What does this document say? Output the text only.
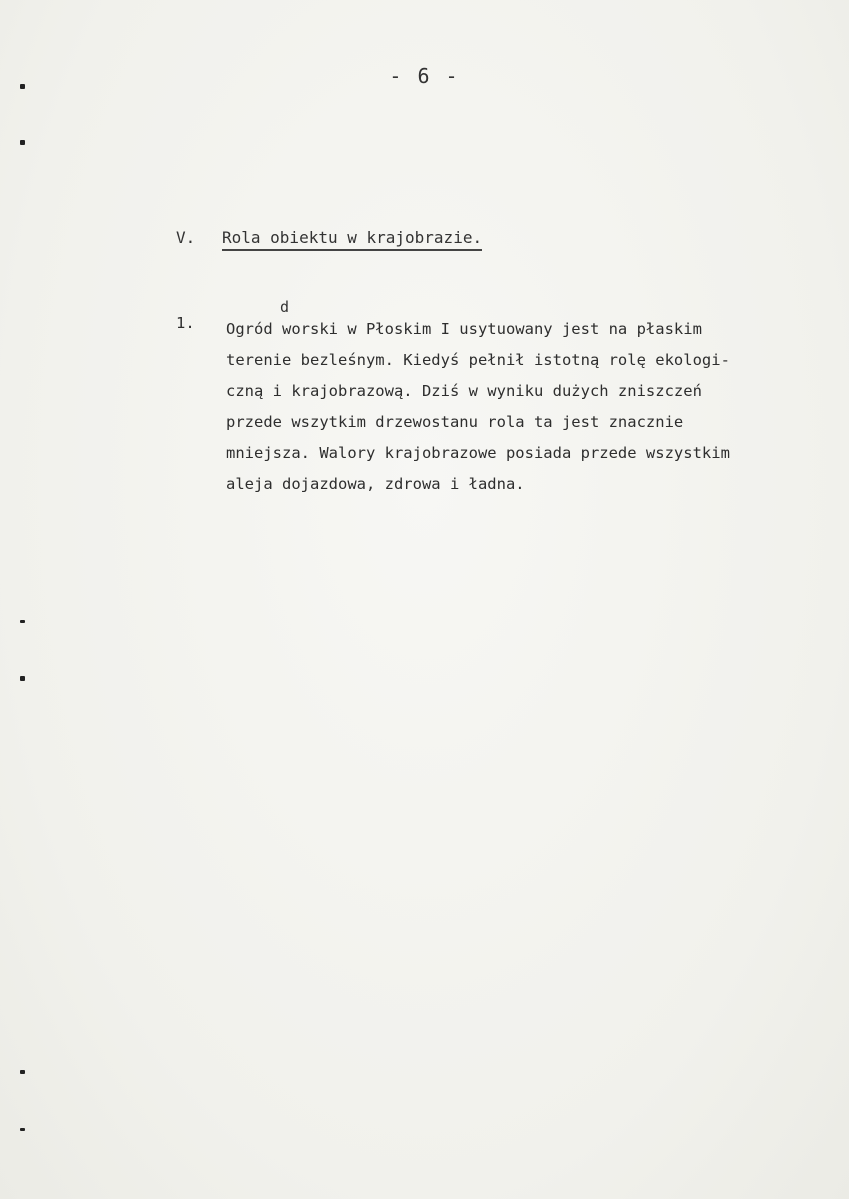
- 6 -
V. Rola obiektu w krajobrazie.
d
1. Ogród worski w Płoskim I usytuowany jest na płaskim
terenie bezleśnym. Kiedyś pełnił istotną rolę ekologi-
czną i krajobrazową. Dziś w wyniku dużych zniszczeń
przede wszytkim drzewostanu rola ta jest znacznie
mniejsza. Walory krajobrazowe posiada przede wszystkim
aleja dojazdowa, zdrowa i ładna.
